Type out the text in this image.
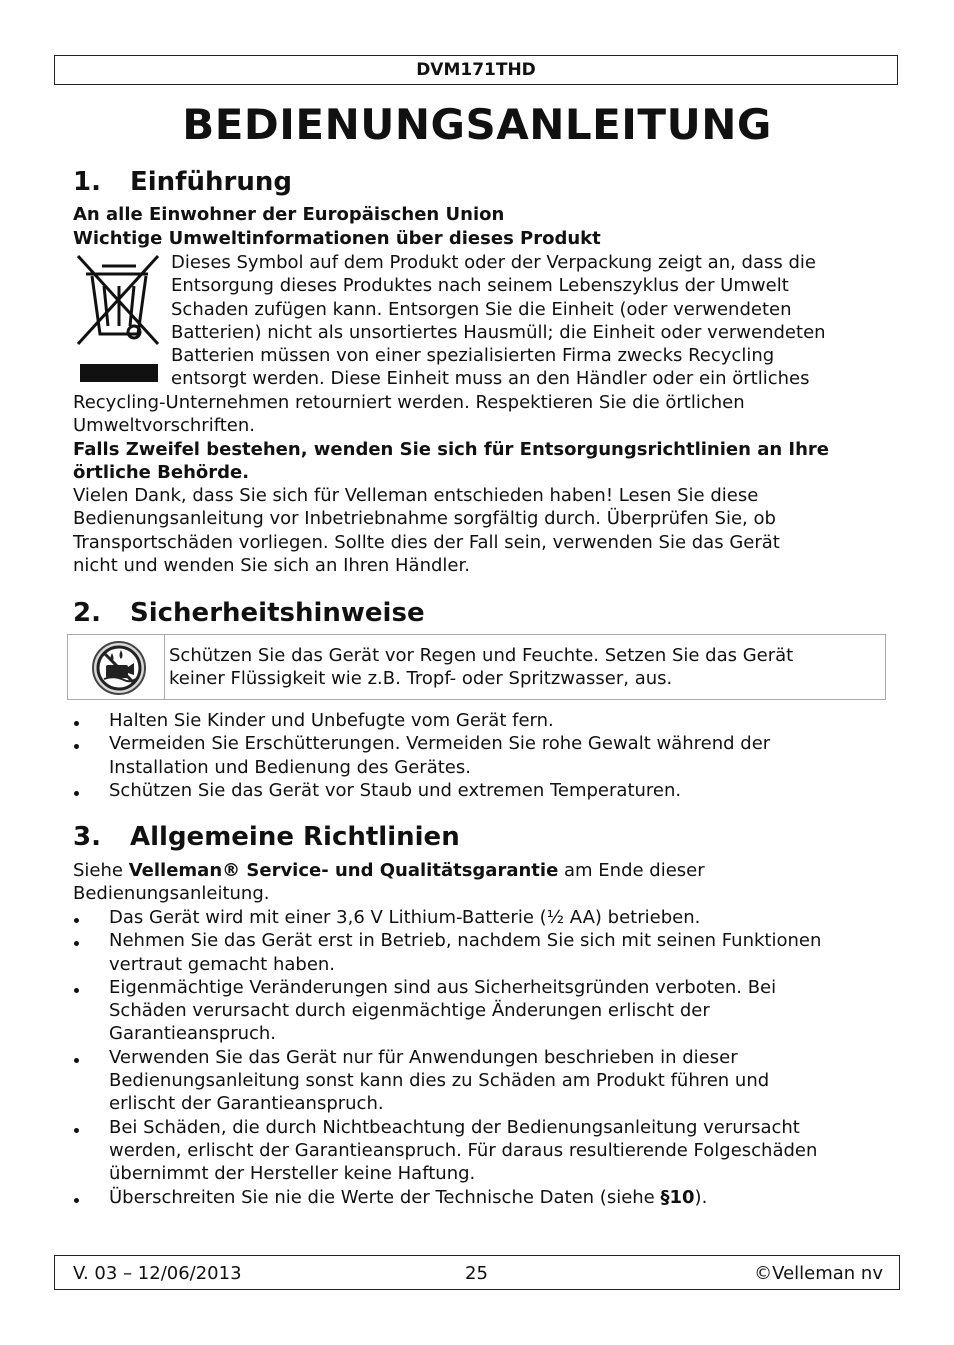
DVM171THD
BEDIENUNGSANLEITUNG
1. Einführung
An alle Einwohner der Europäischen Union
Wichtige Umweltinformationen über dieses Produkt
Dieses Symbol auf dem Produkt oder der Verpackung zeigt an, dass die
Entsorgung dieses Produktes nach seinem Lebenszyklus der Umwelt
Schaden zufügen kann. Entsorgen Sie die Einheit (oder verwendeten
Batterien) nicht als unsortiertes Hausmüll; die Einheit oder verwendeten
Batterien müssen von einer spezialisierten Firma zwecks Recycling
entsorgt werden. Diese Einheit muss an den Händler oder ein örtliches
Recycling-Unternehmen retourniert werden. Respektieren Sie die örtlichen
Umweltvorschriften.
Falls Zweifel bestehen, wenden Sie sich für Entsorgungsrichtlinien an Ihre
örtliche Behörde.
Vielen Dank, dass Sie sich für Velleman entschieden haben! Lesen Sie diese
Bedienungsanleitung vor Inbetriebnahme sorgfältig durch. Überprüfen Sie, ob
Transportschäden vorliegen. Sollte dies der Fall sein, verwenden Sie das Gerät
nicht und wenden Sie sich an Ihren Händler.
2. Sicherheitshinweise
Schützen Sie das Gerät vor Regen und Feuchte. Setzen Sie das Gerät
keiner Flüssigkeit wie z.B. Tropf- oder Spritzwasser, aus.
Halten Sie Kinder und Unbefugte vom Gerät fern.
Vermeiden Sie Erschütterungen. Vermeiden Sie rohe Gewalt während der
Installation und Bedienung des Gerätes.
Schützen Sie das Gerät vor Staub und extremen Temperaturen.
3. Allgemeine Richtlinien
Siehe Velleman® Service- und Qualitätsgarantie am Ende dieser
Bedienungsanleitung.
Das Gerät wird mit einer 3,6 V Lithium-Batterie (½ AA) betrieben.
Nehmen Sie das Gerät erst in Betrieb, nachdem Sie sich mit seinen Funktionen
vertraut gemacht haben.
Eigenmächtige Veränderungen sind aus Sicherheitsgründen verboten. Bei
Schäden verursacht durch eigenmächtige Änderungen erlischt der
Garantieanspruch.
Verwenden Sie das Gerät nur für Anwendungen beschrieben in dieser
Bedienungsanleitung sonst kann dies zu Schäden am Produkt führen und
erlischt der Garantieanspruch.
Bei Schäden, die durch Nichtbeachtung der Bedienungsanleitung verursacht
werden, erlischt der Garantieanspruch. Für daraus resultierende Folgeschäden
übernimmt der Hersteller keine Haftung.
Überschreiten Sie nie die Werte der Technische Daten (siehe §10).
V. 03 – 12/06/2013	25	©Velleman nv
